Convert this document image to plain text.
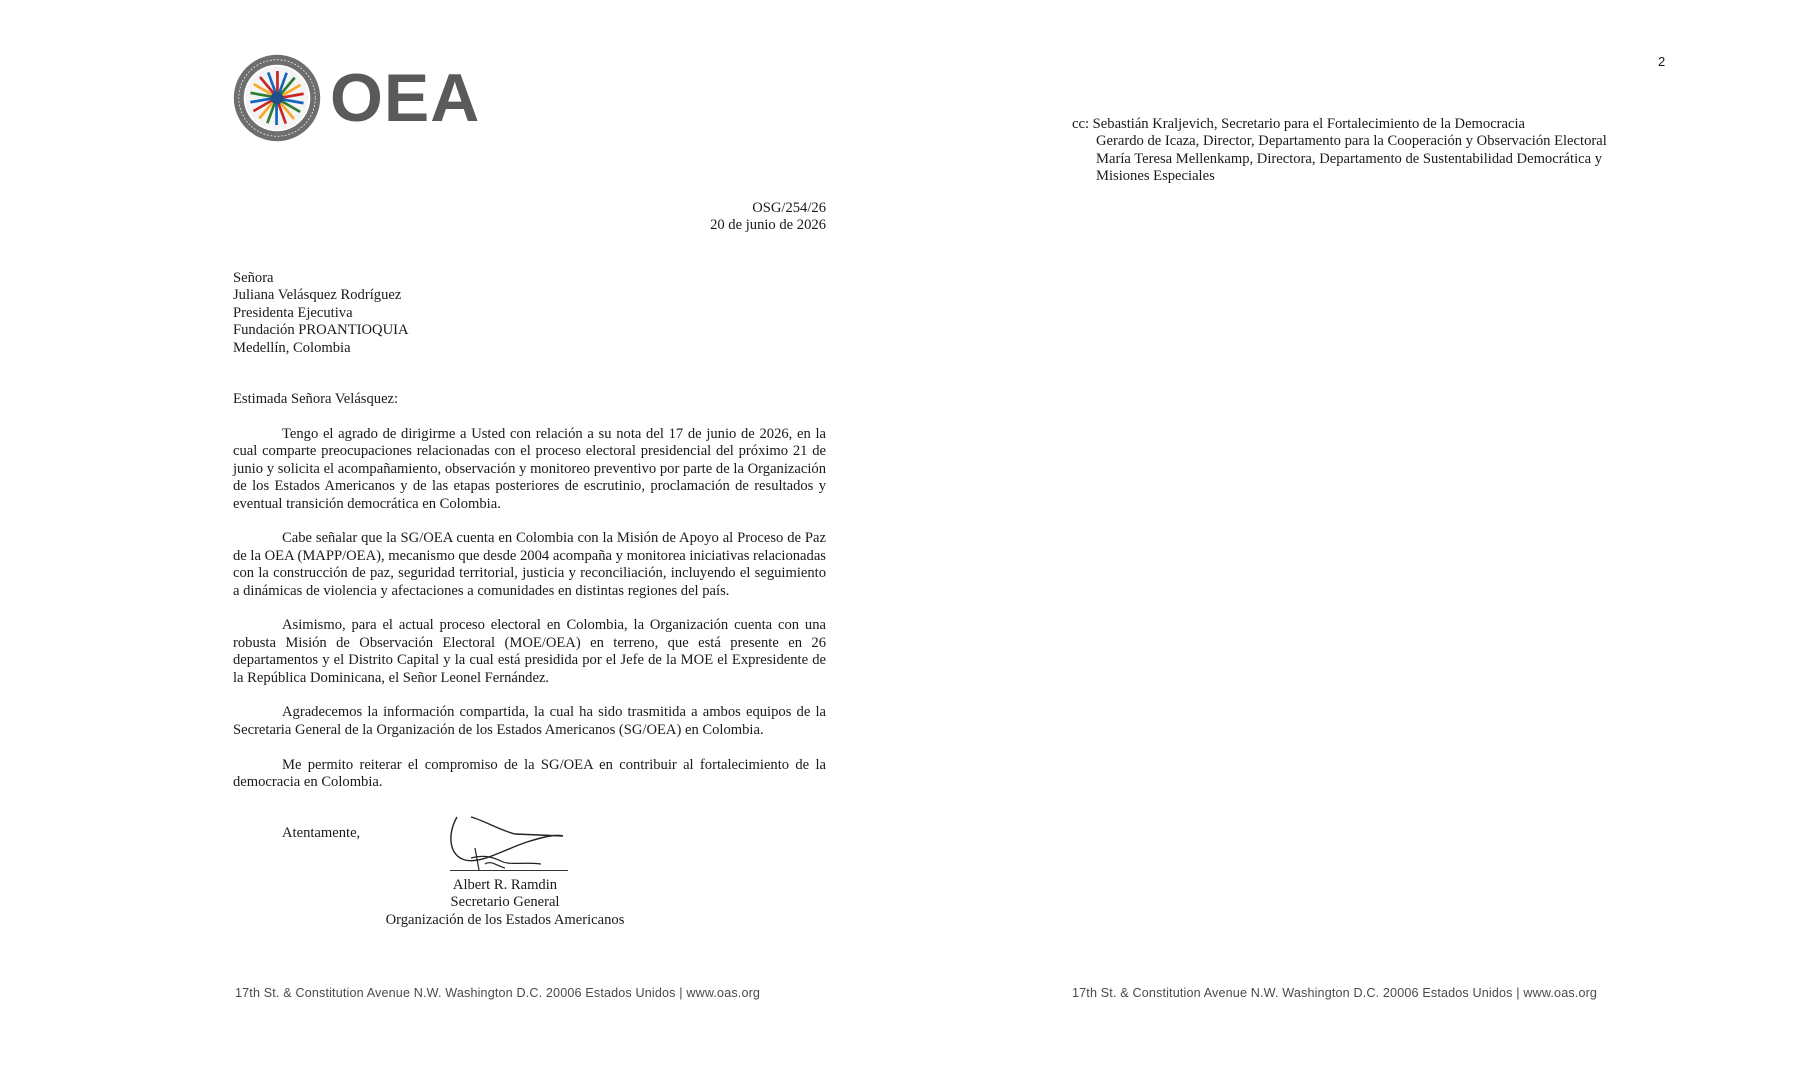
OEA
OSG/254/26
20 de junio de 2026
Señora
Juliana Velásquez Rodríguez
Presidenta Ejecutiva
Fundación PROANTIOQUIA
Medellín, Colombia
Estimada Señora Velásquez:

Tengo el agrado de dirigirme a Usted con relación a su nota del 17 de junio de 2026, en la cual comparte preocupaciones relacionadas con el proceso electoral presidencial del próximo 21 de junio y solicita el acompañamiento, observación y monitoreo preventivo por parte de la Organización de los Estados Americanos y de las etapas posteriores de escrutinio, proclamación de resultados y eventual transición democrática en Colombia.

Cabe señalar que la SG/OEA cuenta en Colombia con la Misión de Apoyo al Proceso de Paz de la OEA (MAPP/OEA), mecanismo que desde 2004 acompaña y monitorea iniciativas relacionadas con la construcción de paz, seguridad territorial, justicia y reconciliación, incluyendo el seguimiento a dinámicas de violencia y afectaciones a comunidades en distintas regiones del país.

Asimismo, para el actual proceso electoral en Colombia, la Organización cuenta con una robusta Misión de Observación Electoral (MOE/OEA) en terreno, que está presente en 26 departamentos y el Distrito Capital y la cual está presidida por el Jefe de la MOE el Expresidente de la República Dominicana, el Señor Leonel Fernández.

Agradecemos la información compartida, la cual ha sido trasmitida a ambos equipos de la Secretaria General de la Organización de los Estados Americanos (SG/OEA) en Colombia.

Me permito reiterar el compromiso de la SG/OEA en contribuir al fortalecimiento de la democracia en Colombia.

Atentamente,
Albert R. Ramdin
Secretario General
Organización de los Estados Americanos
17th St. & Constitution Avenue N.W. Washington D.C. 20006 Estados Unidos | www.oas.org
2
cc: Sebastián Kraljevich, Secretario para el Fortalecimiento de la Democracia
Gerardo de Icaza, Director, Departamento para la Cooperación y Observación Electoral
María Teresa Mellenkamp, Directora, Departamento de Sustentabilidad Democrática y
Misiones Especiales
17th St. & Constitution Avenue N.W. Washington D.C. 20006 Estados Unidos | www.oas.org
